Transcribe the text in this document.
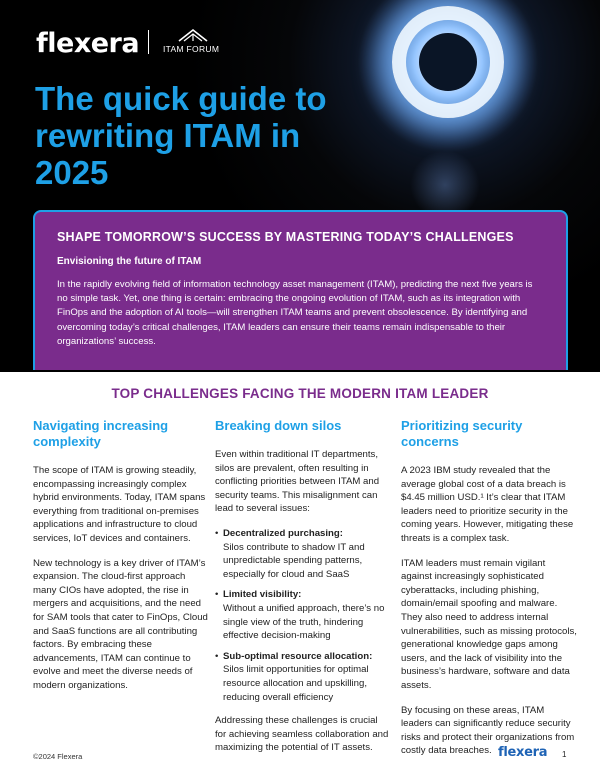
flexera	ITAM FORUM
The quick guide to rewriting ITAM in 2025
SHAPE TOMORROW’S SUCCESS BY MASTERING TODAY’S CHALLENGES
Envisioning the future of ITAM

In the rapidly evolving field of information technology asset management (ITAM), predicting the next five years is no simple task. Yet, one thing is certain: embracing the ongoing evolution of ITAM, such as its integration with FinOps and the adoption of AI tools—will strengthen ITAM teams and prevent obsolescence. By identifying and overcoming today’s critical challenges, ITAM leaders can ensure their teams remain indispensable to their organizations’ success.

TOP CHALLENGES FACING THE MODERN ITAM LEADER
Navigating increasing complexity

The scope of ITAM is growing steadily, encompassing increasingly complex hybrid environments. Today, ITAM spans everything from traditional on-premises applications and infrastructure to cloud services, IoT devices and containers.

New technology is a key driver of ITAM’s expansion. The cloud-first approach many CIOs have adopted, the rise in mergers and acquisitions, and the need for SAM tools that cater to FinOps, Cloud and SaaS functions are all contributing factors. By embracing these advancements, ITAM can continue to evolve and meet the diverse needs of modern organizations.

Breaking down silos

Even within traditional IT departments, silos are prevalent, often resulting in conflicting priorities between ITAM and security teams. This misalignment can lead to several issues:

• Decentralized purchasing:
Silos contribute to shadow IT and unpredictable spending patterns, especially for cloud and SaaS
• Limited visibility:
Without a unified approach, there’s no single view of the truth, hindering effective decision-making
• Sub-optimal resource allocation:
Silos limit opportunities for optimal resource allocation and upskilling, reducing overall efficiency

Addressing these challenges is crucial for achieving seamless collaboration and maximizing the potential of IT assets.

Prioritizing security concerns

A 2023 IBM study revealed that the average global cost of a data breach is $4.45 million USD.¹ It’s clear that ITAM leaders need to prioritize security in the coming years. However, mitigating these threats is a complex task.

ITAM leaders must remain vigilant against increasingly sophisticated cyberattacks, including phishing, domain/email spoofing and malware. They also need to address internal vulnerabilities, such as missing protocols, generational knowledge gaps among users, and the lack of visibility into the business’s hardware, software and data assets.

By focusing on these areas, ITAM leaders can significantly reduce security risks and protect their organizations from costly data breaches.

©2024 Flexera	flexera 1
